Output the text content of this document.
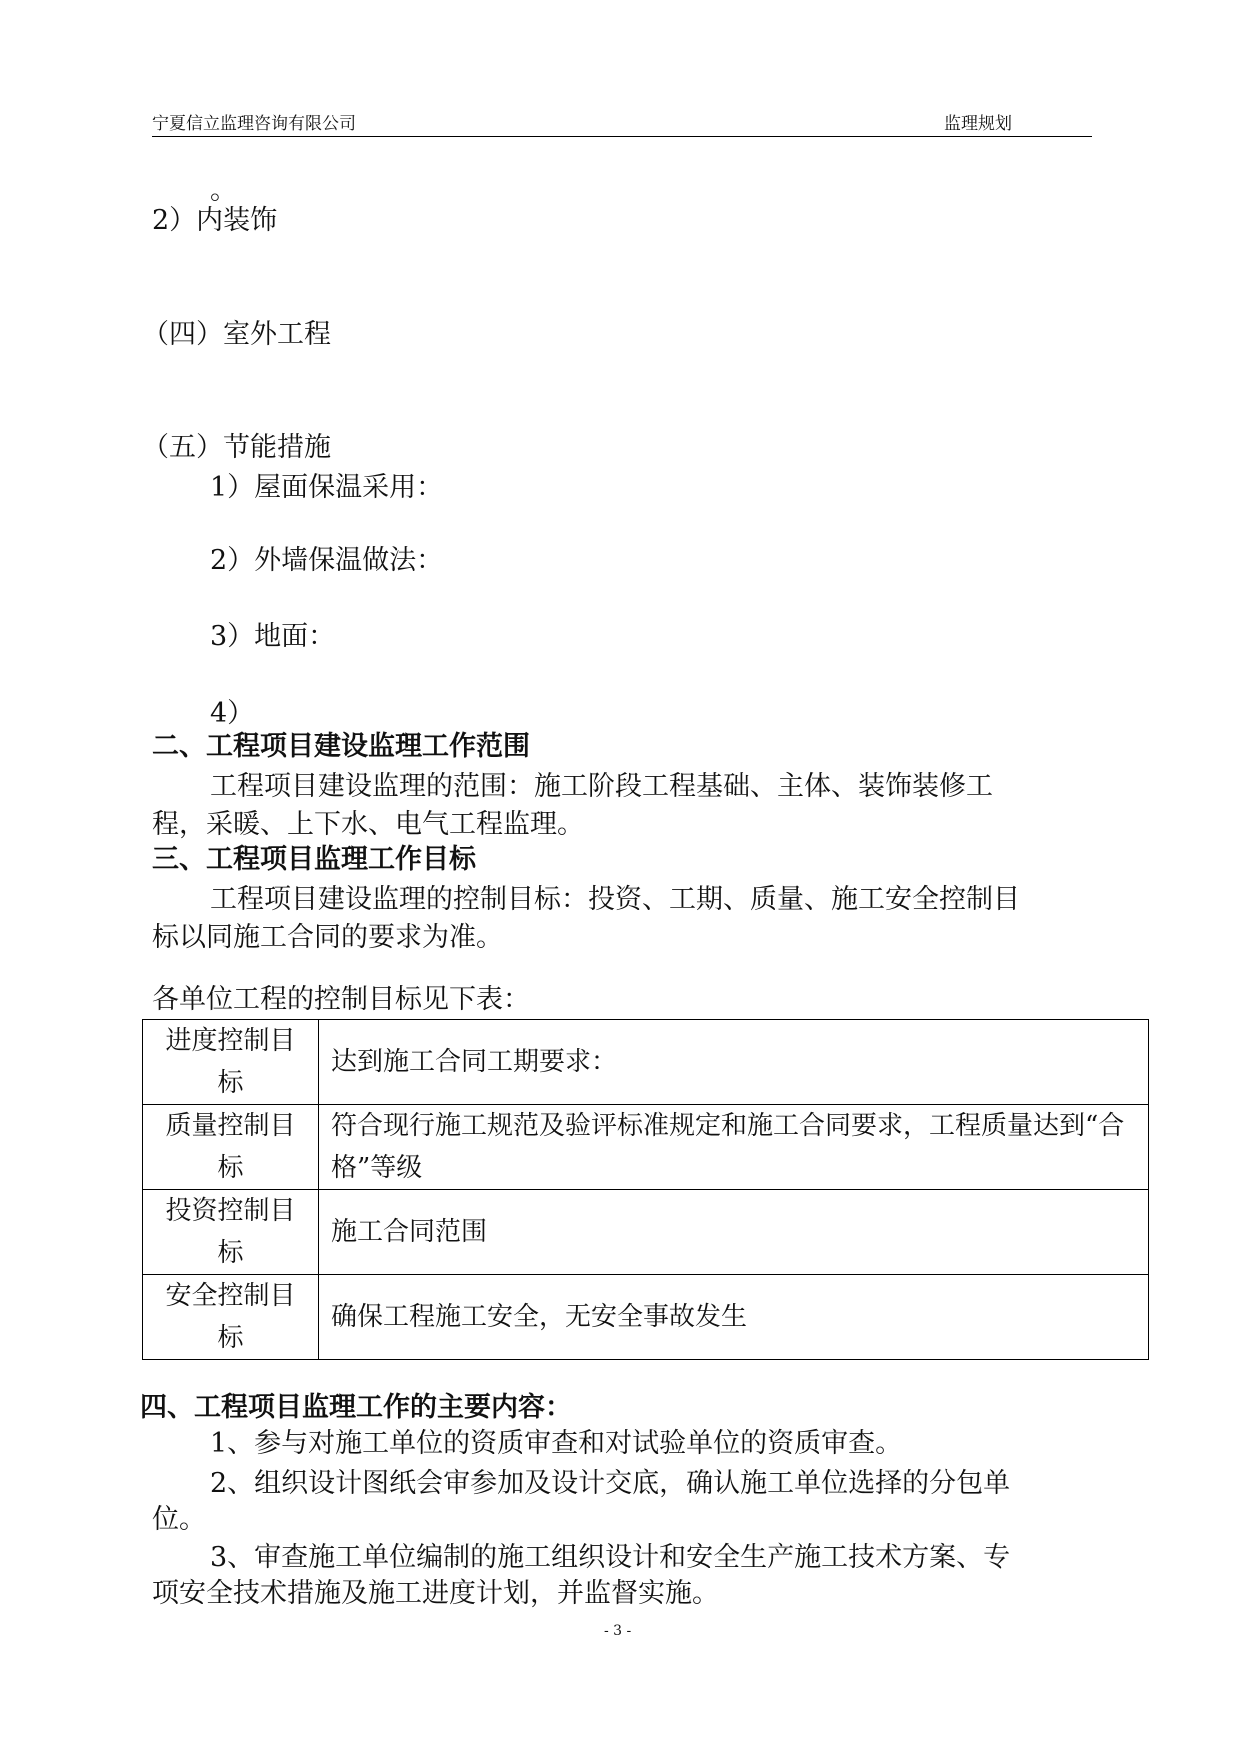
宁夏信立监理咨询有限公司	监理规划
。
2）内装饰
（四）室外工程
（五）节能措施
1）屋面保温采用：
2）外墙保温做法：
3）地面：
4）
二、工程项目建设监理工作范围
工程项目建设监理的范围：施工阶段工程基础、主体、装饰装修工
程，采暖、上下水、电气工程监理。
三、工程项目监理工作目标
工程项目建设监理的控制目标：投资、工期、质量、施工安全控制目
标以同施工合同的要求为准。
各单位工程的控制目标见下表：
进度控制目标	达到施工合同工期要求：

质量控制目标	符合现行施工规范及验评标准规定和施工合同要求，工程质量达到“合格”等级

投资控制目标	施工合同范围

安全控制目标	确保工程施工安全，无安全事故发生
四、工程项目监理工作的主要内容：
1、参与对施工单位的资质审查和对试验单位的资质审查。
2、组织设计图纸会审参加及设计交底，确认施工单位选择的分包单
位。
3、审查施工单位编制的施工组织设计和安全生产施工技术方案、专
项安全技术措施及施工进度计划，并监督实施。
- 3 -
